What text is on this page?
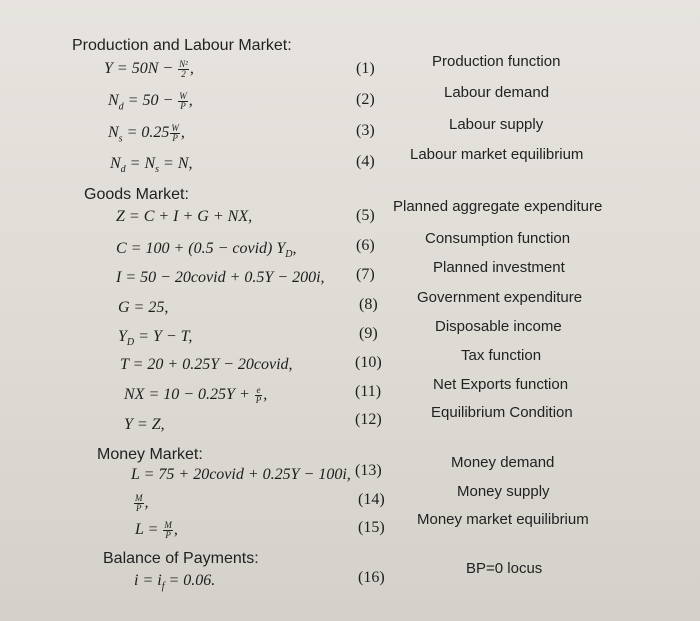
Production and Labour Market:
Goods Market:
Money Market:
Balance of Payments:
$Y = 50N - \frac{\text{N²}}{2}$ ,
$N_d = 50 - \frac{W}{P}$ ,
$N_s = 0.25 \frac{W}{P}$ ,
$N_d = N_s = N$,
Z = C + I + G + NX,
C = 100 + (0.5 − covid) $Y_D$,
I = 50 − 20covid + 0.5Y − 200i,
G = 25,
$Y_D = Y - T$,
T = 20 + 0.25Y − 20covid,
NX = $10 - 0.25Y + \frac{e}{P}$ ,
Y = Z,
L = 75 + 20covid + 0.25Y − 100i,
$\frac{M}{P}$ ,
$L = \frac{M}{P}$ ,
$i = i_f = 0.06$.
(1)
(2)
(3)
(4)
(5)
(6)
(7)
(8)
(9)
(10)
(11)
(12)
(13)
(14)
(15)
(16)
Production function
Labour demand
Labour supply
Labour market equilibrium
Planned aggregate expenditure
Consumption function
Planned investment
Government expenditure
Disposable income
Tax function
Net Exports function
Equilibrium Condition
Money demand
Money supply
Money market equilibrium
BP=0 locus
